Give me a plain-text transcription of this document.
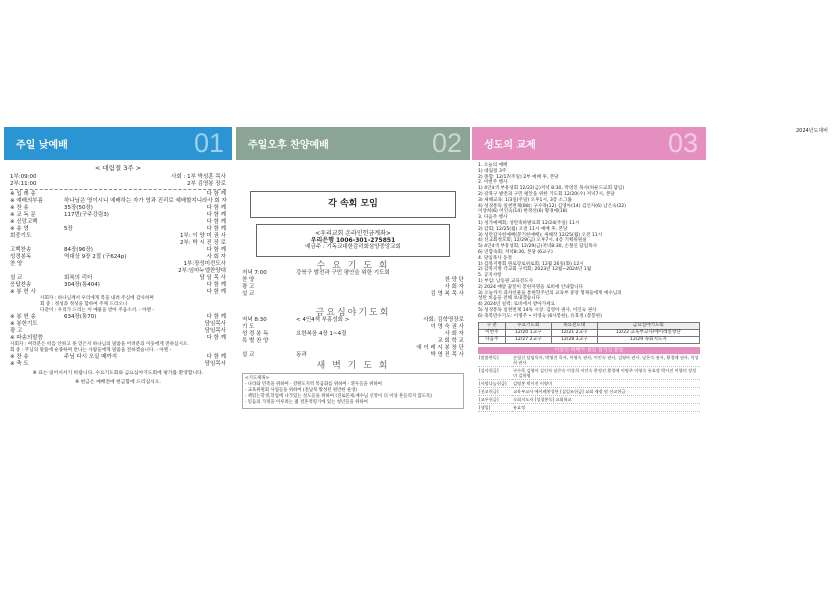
주일 낮예배	01
< 대림절 3주 >
1부:09:00	사회 : 1부 박성훈 목사
2부:11:00	2부 김영봉 장로
※ 입 례 송	다 함 께
※ 예배의부름	하나님은 영이시니 예배하는 자가 영과 진리로 예배할지니라 사 회 자
※ 찬 송	35장(50장)	다 함 께
※ 교 독 문	117번(구주강림3)	다 함 께
※ 신앙고백	다 함 께
※ 송 영	5장	다 함 께
회중기도	1부: 이 양 미 권 사
2부: 박 시 진 장 로
고백찬송	84장(96장)	다 함 께
성경봉독	역대상 9장 2절 (구624p)	사 회 자
찬 양	1부:장성미전도사
2부:임마누엘찬양대
설 교	회복의 리더	담 임 목 사
응답찬송	304장(통404)	다 함 께
※ 봉 헌 사	다 함 께
사회자 : 하나님께서 우리에게 복을 내려 주심에 감사하며
회 중 : 정성과 정성을 합하여 주께 드리오니
다같이 : 우리가 드리는 이 예물을 받아 주옵소서. - 아멘 -
※ 봉 헌 송	634장(통70)	다 함 께
※ 봉헌기도	담임목사
광 고	담임목사
※ 파송의말씀	다 함 께
사회자 : 여러분은 떠를 안하고 못 얻은지 하나님의 말씀을 어려분의 이웃에게 전하십시오.
회 중 : 주님의 말씀에 순종하며 만나는 사람들에게 말씀을 전하겠습니다. - 아멘 -
※ 찬 송	주님 다시 오실 때까지	다 함 께
※ 축 도	담임목사
※ 표는 일어서서기 바랍니다. 수요기도회와 금요심야기도회에 평가를 환영합니다.
※ 헌금은 예배전에 헌금함에 드리십시오.
주일오후 찬양예배	02
각 속회 모임
<우리교회 온라인헌금계좌>
우리은행 1006-301-275851
예금주 : 기독교대한감리회삼양중앙교회
수 요 기 도 회
저녁 7:00	강북구 발전과 구민 평안을 위한 기도회
찬 양	찬 양 단
광 고	사 회 자
설 교	김 영 복 목 사
금요심야기도회
저녁 8:30	< 4인4색 부흥성회 >	사회: 김학영장로
기 도	이 영 숙 권 사
성 경 봉 독	요한복음 4장 1~4절	사 회 자
특 별 찬 양	교 회 학 교
에 이 레 시 봉 창 단
설 교	동과	박 영 진 목 사
새 벽 기 도 회
<기도제목>
· 나라와 민족을 위하여 · 강원도지역 복음화를 위하여 · 환우들을 위하여
· 교육위원회 사업들을 위하여 (전남북 활성된 원만한 운영)
· 책읽는학생,학업에 나가있는 성도들을 위하여 (진로문제,예수님 신앙이 더 이상 흔들리지 않도록)
· 믿음의 가정을 이루려는 젊 결혼적령기에 있는 청년들을 위하여
성도의 교제	03
1. 오늘의 예배
1) 대림절 3주
2) 종합: 12/17(주일) 2부 예배 후, 본당
2. 이번주 행사
1) 4인4색 부흥성회 12/22(금)저녁 8:30, 박영진 목사(하운드교회 담임)
2) 강북구 발전과 구민 평안을 위한 기도회 12/20(수) 저녁7시, 본당
3) 새해교육: 1/3일(주일) 오후1시, 3층 소그룹
4) 성경통독 일천번제(88): 구수목(12) 김영아(14) 김인자(6) 남은숙(22)
이상희(6) 이인숙(14) 한정선(6) 황경애(18)
3. 다음주 행사
1) 성가예배회; 성탄축하발표회 12/24(주일) 11시
2) 감회; 12/25(월) 오전 11시 예배 후, 본당
3) 성탄감사헌예배(분기헌예배); 새해작 12/25(월) 오전 11시
4) 선교회정모회; 12/29(금) 오후7시, 4층 기획위원실
5) 4인4색 부흥성회; 12/29(금)저녁8:30, 손철신 담임목사
6) 연합속회; 저녁8:30, 본당 (6교구)
4. 당임목사 동정
1) 감북지방회 원로장로위로회; 12월 26일(화) 12시
2) 감북지방 각교회 구역회; 2023년 12월~2024년 1월
5. 공지사항
1) 부임: 남동원 교육전도사
2) 2024 매달 꿈꿀이 봉한자명을 로비에 안내합니다
3) 오늘까지 과자선물을 통한학주년의 교육부 중앙 형제들에게 예수님의
성탄 비음을 전해 보내겠습니다
4) 2024년 일력: 로비에서 받아가세요
5) 성경통독 일천번제 14독 시상: 김영아 권사, 이인숙 권사
6) 축복만수기도: 이명주 • 이영숙 (6사봉한), 유효정 (봉봉한)
구 분	수요기도회	목요전도대	금요심야기도회
이번주	12/20 1교구	12/21 2교구	12/22 교육부교사/에이레봉창단
다음주	12/27 2교구	12/28 3교구	12/29 속회지도자
이달의 위해서 섬김 섬기신 분들
[말씀봉독]	손철신 담임목사, 박영진 목사, 이영숙 권사, 이인숙 권사, 김영아 권사, 남은숙 권사, 황경애 권사, 이상희 권사
[감사헌금]	구수목 김영아 김인자 남은숙 이상희 이인숙 한정선 황경애 이명주 이영숙 유효정 박시진 이양미 장성미 김학영
[사랑나눔헌금]	김영봉 박시진 이양미
[선교헌금]	교육부교사 에이레봉창단 [십일조헌금] 교회 재정 및 선교헌금
[교우헌금]	속회지도자 [성경봉독] 교회학교
[생일]	유효정
2024년도대비
